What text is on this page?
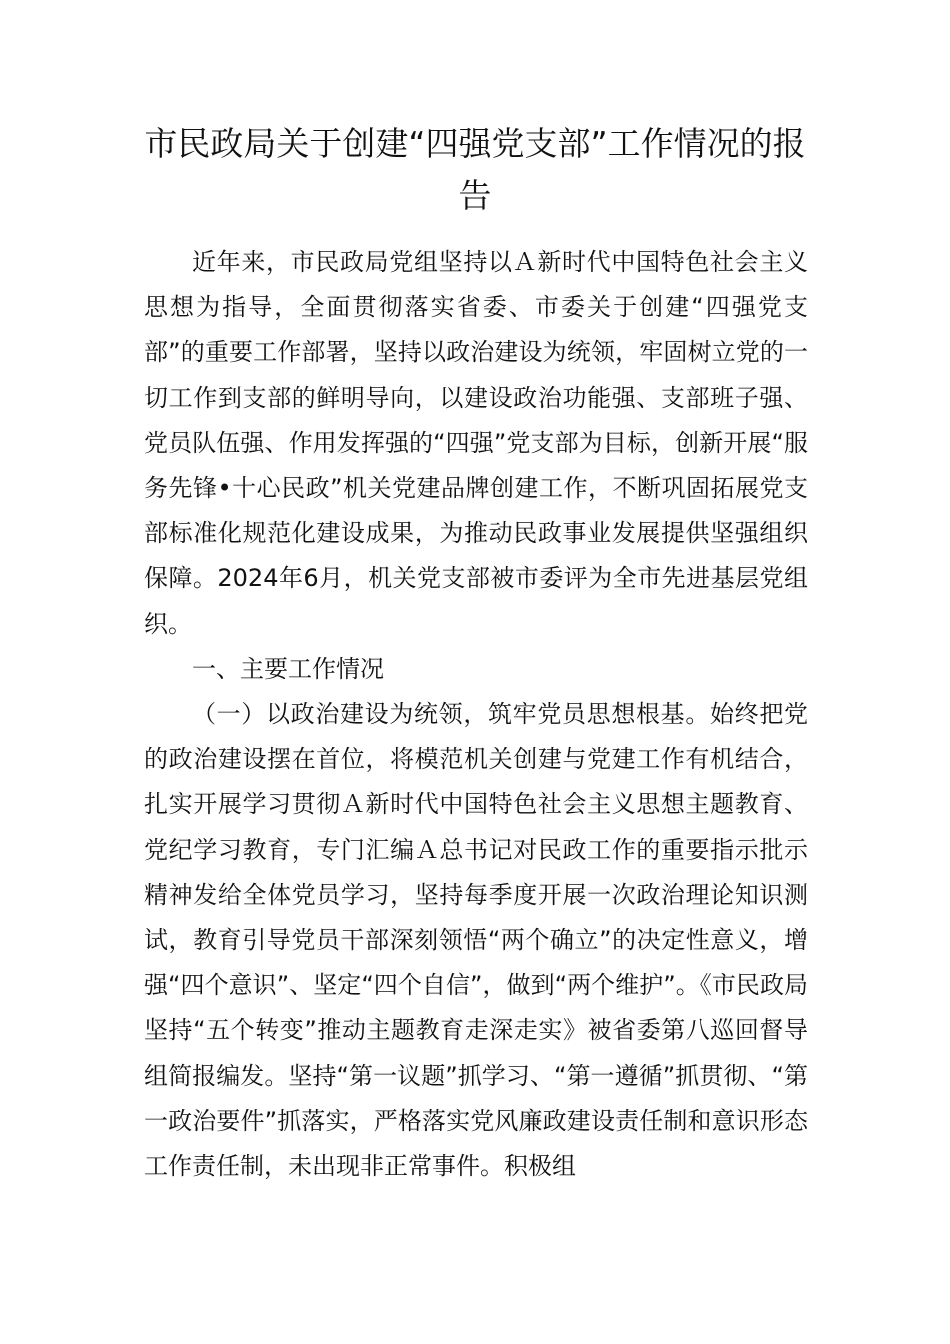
市民政局关于创建“四强党支部”工作情况的报告

近年来，市民政局党组坚持以Ａ新时代中国特色社会主义思想为指导，全面贯彻落实省委、市委关于创建“四强党支部”的重要工作部署，坚持以政治建设为统领，牢固树立党的一切工作到支部的鲜明导向，以建设政治功能强、支部班子强、党员队伍强、作用发挥强的“四强”党支部为目标，创新开展“服务先锋•十心民政”机关党建品牌创建工作，不断巩固拓展党支部标准化规范化建设成果，为推动民政事业发展提供坚强组织保障。2024年6月，机关党支部被市委评为全市先进基层党组织。

一、主要工作情况

（一）以政治建设为统领，筑牢党员思想根基。始终把党的政治建设摆在首位，将模范机关创建与党建工作有机结合，扎实开展学习贯彻Ａ新时代中国特色社会主义思想主题教育、党纪学习教育，专门汇编Ａ总书记对民政工作的重要指示批示精神发给全体党员学习，坚持每季度开展一次政治理论知识测试，教育引导党员干部深刻领悟“两个确立”的决定性意义，增强“四个意识”、坚定“四个自信”，做到“两个维护”。《市民政局坚持“五个转变”推动主题教育走深走实》被省委第八巡回督导组简报编发。坚持“第一议题”抓学习、“第一遵循”抓贯彻、“第一政治要件”抓落实，严格落实党风廉政建设责任制和意识形态工作责任制，未出现非正常事件。积极组
